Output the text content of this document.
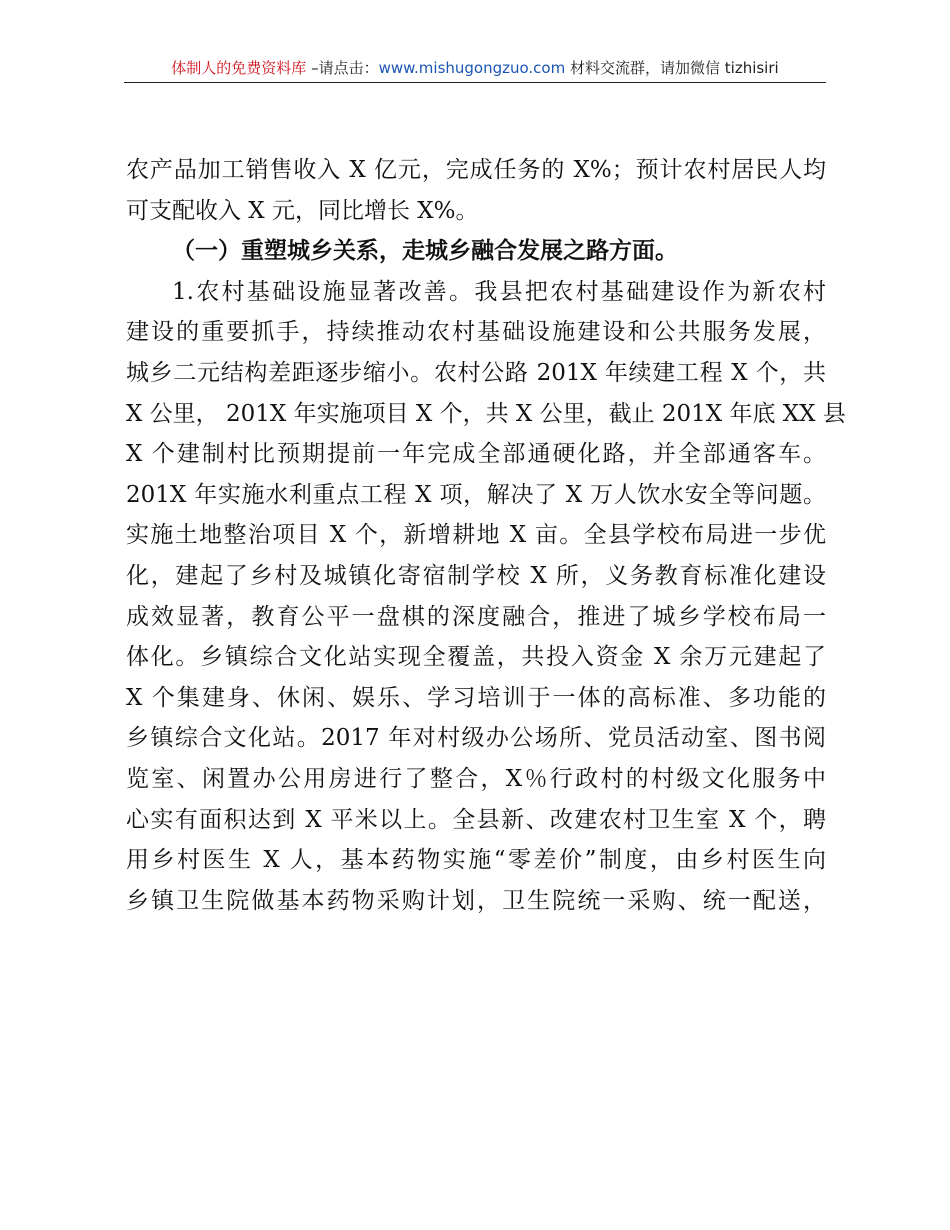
体制人的免费资料库 –请点击：www.mishugongzuo.com 材料交流群，请加微信 tizhisiri

农产品加工销售收入 X 亿元，完成任务的 X%；预计农村居民人均
可支配收入 X 元，同比增长 X%。

（一）重塑城乡关系，走城乡融合发展之路方面。

1.农村基础设施显著改善。我县把农村基础建设作为新农村
建设的重要抓手，持续推动农村基础设施建设和公共服务发展，
城乡二元结构差距逐步缩小。农村公路 201X 年续建工程 X 个，共
X 公里， 201X 年实施项目 X 个，共 X 公里，截止 201X 年底 XX 县
X 个建制村比预期提前一年完成全部通硬化路，并全部通客车。
201X 年实施水利重点工程 X 项，解决了 X 万人饮水安全等问题。
实施土地整治项目 X 个，新增耕地 X 亩。全县学校布局进一步优
化，建起了乡村及城镇化寄宿制学校 X 所，义务教育标准化建设
成效显著，教育公平一盘棋的深度融合，推进了城乡学校布局一
体化。乡镇综合文化站实现全覆盖，共投入资金 X 余万元建起了
X 个集建身、休闲、娱乐、学习培训于一体的高标准、多功能的
乡镇综合文化站。2017 年对村级办公场所、党员活动室、图书阅
览室、闲置办公用房进行了整合，X％行政村的村级文化服务中
心实有面积达到 X 平米以上。全县新、改建农村卫生室 X 个，聘
用乡村医生 X 人，基本药物实施“零差价”制度，由乡村医生向
乡镇卫生院做基本药物采购计划，卫生院统一采购、统一配送，
